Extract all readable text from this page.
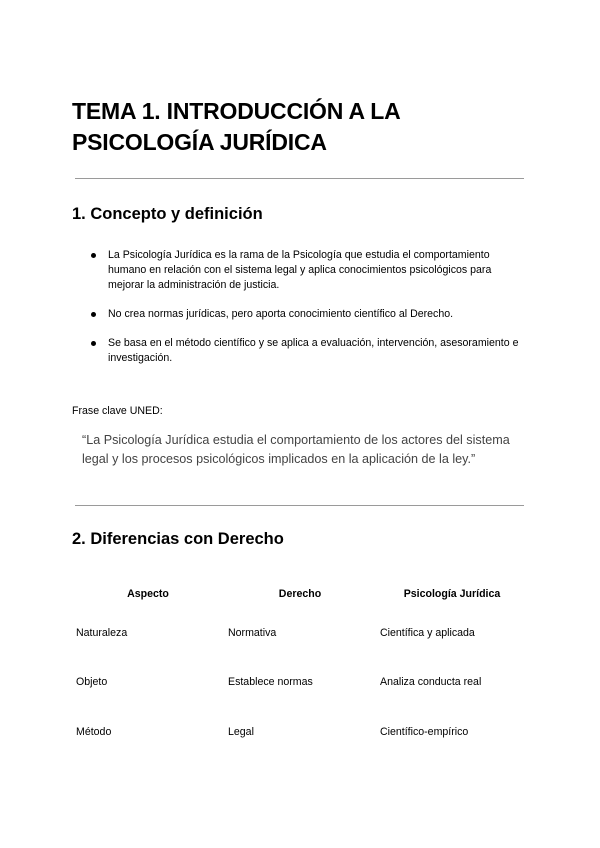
TEMA 1. INTRODUCCIÓN A LA PSICOLOGÍA JURÍDICA
1. Concepto y definición
La Psicología Jurídica es la rama de la Psicología que estudia el comportamiento humano en relación con el sistema legal y aplica conocimientos psicológicos para mejorar la administración de justicia.
No crea normas jurídicas, pero aporta conocimiento científico al Derecho.
Se basa en el método científico y se aplica a evaluación, intervención, asesoramiento e investigación.
Frase clave UNED:
“La Psicología Jurídica estudia el comportamiento de los actores del sistema legal y los procesos psicológicos implicados en la aplicación de la ley.”
2. Diferencias con Derecho
Aspecto	Derecho	Psicología Jurídica
Naturaleza	Normativa	Científica y aplicada
Objeto	Establece normas	Analiza conducta real
Método	Legal	Científico-empírico
